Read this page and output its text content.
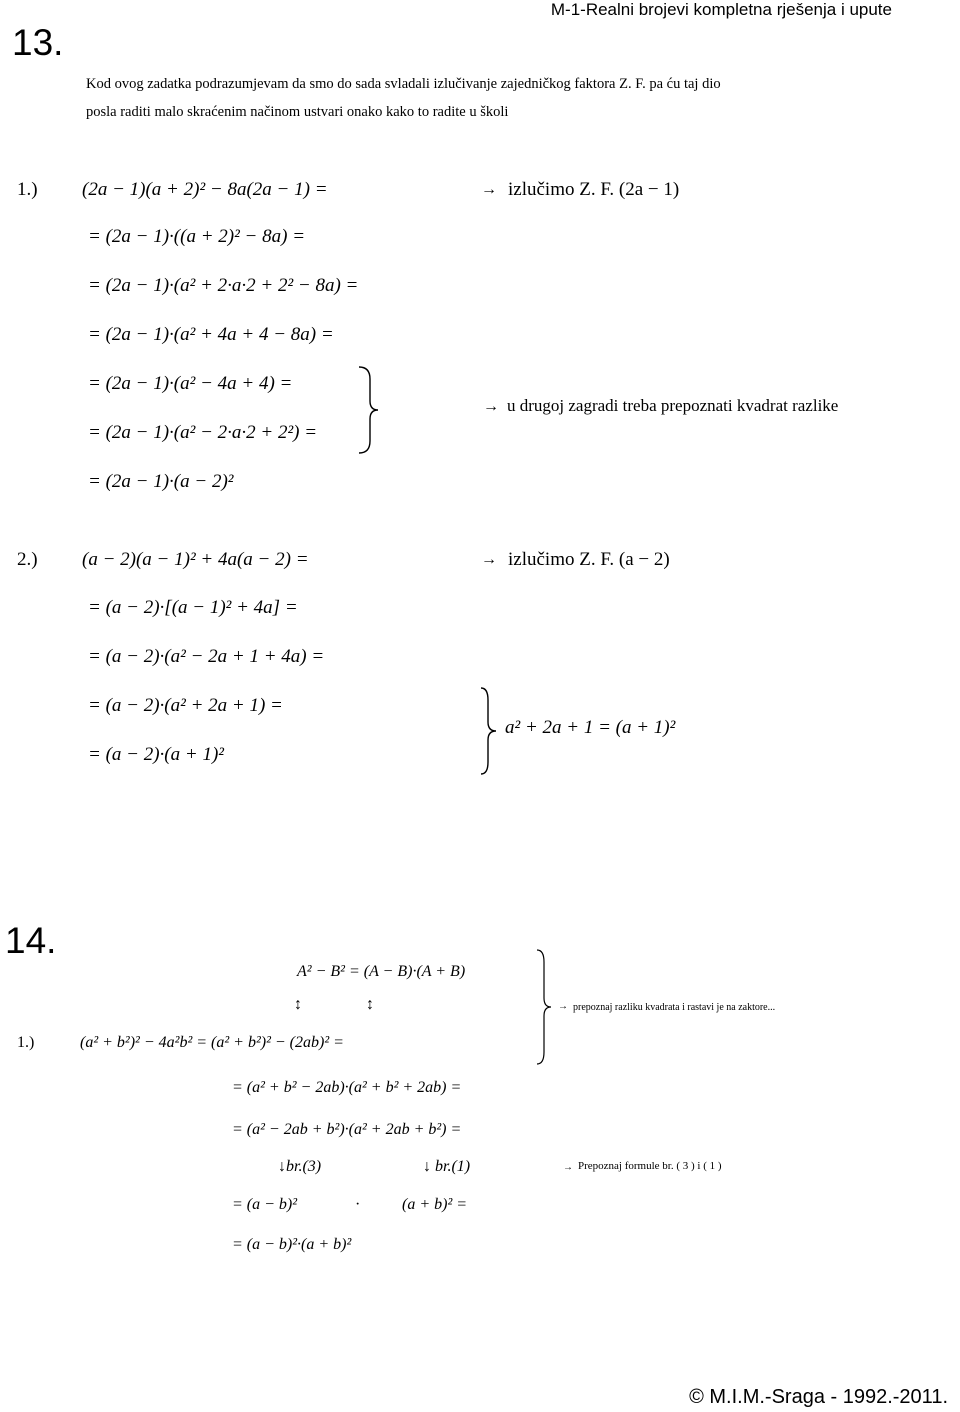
M-1-Realni brojevi kompletna rješenja i upute
13.
Kod ovog zadatka podrazumjevam da smo do sada svladali izlučivanje zajedničkog faktora Z. F. pa ću taj dio
posla raditi malo skraćenim načinom ustvari onako kako to radite u školi
1.) (2a − 1)(a + 2)² − 8a(2a − 1) =
= (2a − 1)·((a + 2)² − 8a) =
= (2a − 1)·(a² + 2·a·2 + 2² − 8a) =
= (2a − 1)·(a² + 4a + 4 − 8a) =
= (2a − 1)·(a² − 4a + 4) =
= (2a − 1)·(a² − 2·a·2 + 2²) =
= (2a − 1)·(a − 2)²
→ izlučimo Z. F. (2a − 1)
→ u drugoj zagradi treba prepoznati kvadrat razlike
2.) (a − 2)(a − 1)² + 4a(a − 2) =
= (a − 2)·[(a − 1)² + 4a] =
= (a − 2)·(a² − 2a + 1 + 4a) =
= (a − 2)·(a² + 2a + 1) =
= (a − 2)·(a + 1)²
→ izlučimo Z. F. (a − 2)
a² + 2a + 1 = (a + 1)²
14.
A² − B² = (A − B)·(A + B)
↕	↕	→ prepoznaj razliku kvadrata i rastavi je na zaktore...
1.)	(a² + b²)² − 4a²b² = (a² + b²)² − (2ab)² =
= (a² + b² − 2ab)·(a² + b² + 2ab) =
= (a² − 2ab + b²)·(a² + 2ab + b²) =
↓br.(3)	↓ br.(1)	→ Prepoznaj formule br. ( 3 ) i ( 1 )
= (a − b)²	·	(a + b)² =
= (a − b)²·(a + b)²
© M.I.M.-Sraga - 1992.-2011.
